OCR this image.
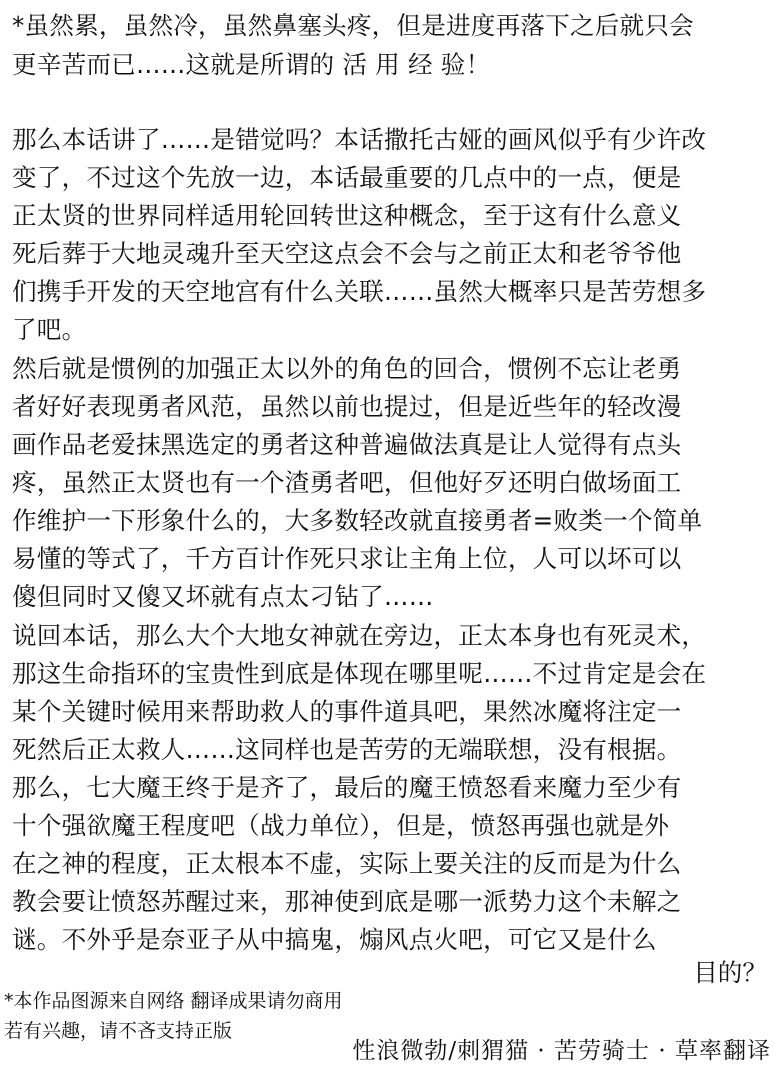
*虽然累，虽然冷，虽然鼻塞头疼，但是进度再落下之后就只会
更辛苦而已……这就是所谓的 活 用 经 验！
那么本话讲了……是错觉吗？本话撒托古娅的画风似乎有少许改
变了，不过这个先放一边，本话最重要的几点中的一点，便是
正太贤的世界同样适用轮回转世这种概念，至于这有什么意义
死后葬于大地灵魂升至天空这点会不会与之前正太和老爷爷他
们携手开发的天空地宫有什么关联……虽然大概率只是苦劳想多
了吧。
然后就是惯例的加强正太以外的角色的回合，惯例不忘让老勇
者好好表现勇者风范，虽然以前也提过，但是近些年的轻改漫
画作品老爱抹黑选定的勇者这种普遍做法真是让人觉得有点头
疼，虽然正太贤也有一个渣勇者吧，但他好歹还明白做场面工
作维护一下形象什么的，大多数轻改就直接勇者=败类一个简单
易懂的等式了，千方百计作死只求让主角上位，人可以坏可以
傻但同时又傻又坏就有点太刁钻了……
说回本话，那么大个大地女神就在旁边，正太本身也有死灵术，
那这生命指环的宝贵性到底是体现在哪里呢……不过肯定是会在
某个关键时候用来帮助救人的事件道具吧，果然冰魔将注定一
死然后正太救人……这同样也是苦劳的无端联想，没有根据。
那么，七大魔王终于是齐了，最后的魔王愤怒看来魔力至少有
十个强欲魔王程度吧（战力单位），但是，愤怒再强也就是外
在之神的程度，正太根本不虚，实际上要关注的反而是为什么
教会要让愤怒苏醒过来，那神使到底是哪一派势力这个未解之
谜。不外乎是奈亚子从中搞鬼，煽风点火吧，可它又是什么
目的？
*本作品图源来自网络 翻译成果请勿商用
若有兴趣，请不吝支持正版
性浪微勃/刺猬猫 · 苦劳骑士 · 草率翻译
